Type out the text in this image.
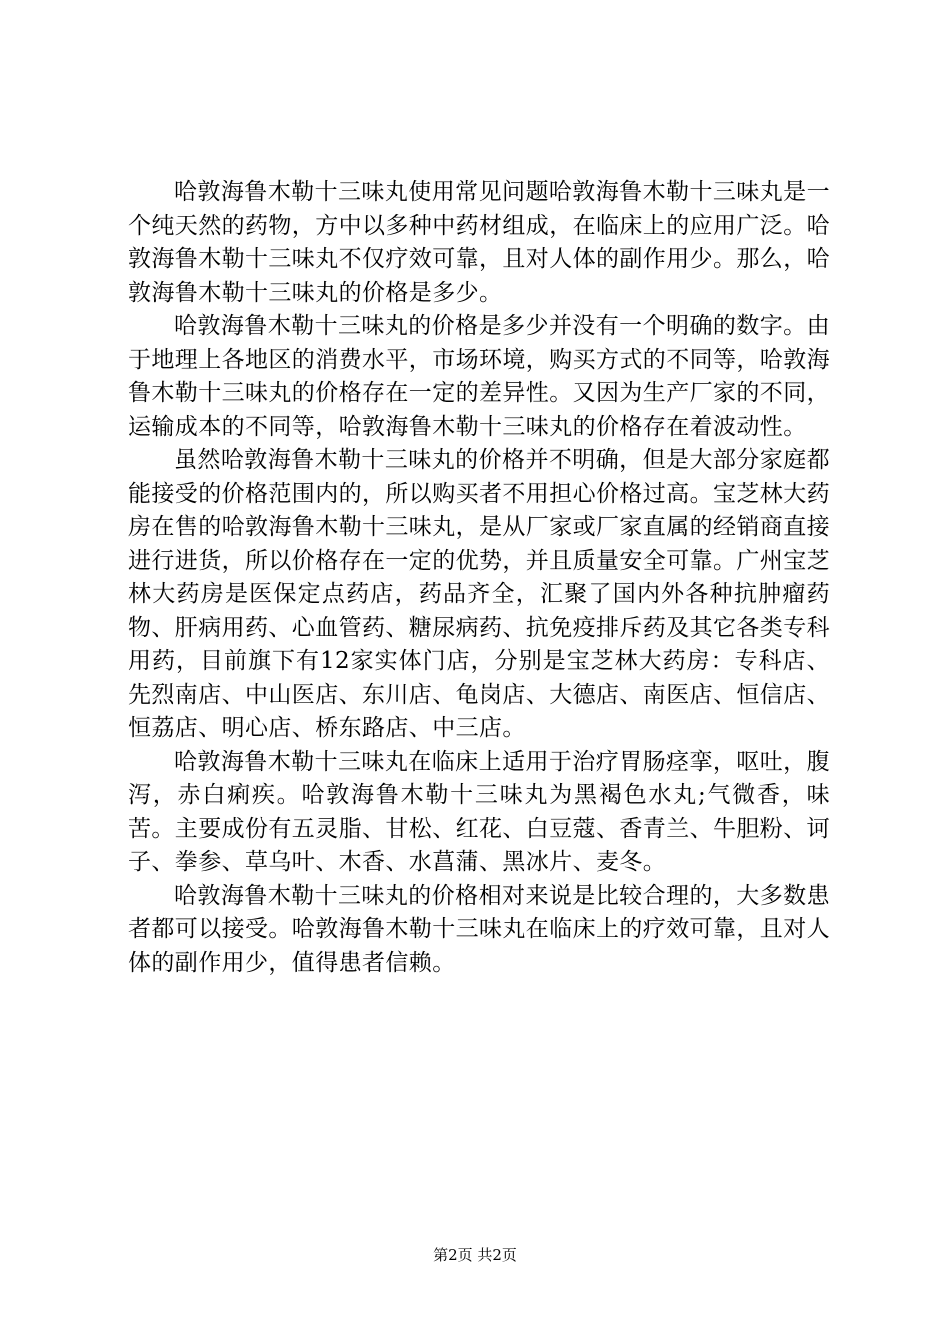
哈敦海鲁木勒十三味丸使用常见问题哈敦海鲁木勒十三味丸是一个纯天然的药物，方中以多种中药材组成，在临床上的应用广泛。哈敦海鲁木勒十三味丸不仅疗效可靠，且对人体的副作用少。那么，哈敦海鲁木勒十三味丸的价格是多少。

哈敦海鲁木勒十三味丸的价格是多少并没有一个明确的数字。由于地理上各地区的消费水平，市场环境，购买方式的不同等，哈敦海鲁木勒十三味丸的价格存在一定的差异性。又因为生产厂家的不同，运输成本的不同等，哈敦海鲁木勒十三味丸的价格存在着波动性。

虽然哈敦海鲁木勒十三味丸的价格并不明确，但是大部分家庭都能接受的价格范围内的，所以购买者不用担心价格过高。宝芝林大药房在售的哈敦海鲁木勒十三味丸，是从厂家或厂家直属的经销商直接进行进货，所以价格存在一定的优势，并且质量安全可靠。广州宝芝林大药房是医保定点药店，药品齐全，汇聚了国内外各种抗肿瘤药物、肝病用药、心血管药、糖尿病药、抗免疫排斥药及其它各类专科用药，目前旗下有12家实体门店，分别是宝芝林大药房：专科店、先烈南店、中山医店、东川店、龟岗店、大德店、南医店、恒信店、恒荔店、明心店、桥东路店、中三店。

哈敦海鲁木勒十三味丸在临床上适用于治疗胃肠痉挛，呕吐，腹泻，赤白痢疾。哈敦海鲁木勒十三味丸为黑褐色水丸;气微香，味苦。主要成份有五灵脂、甘松、红花、白豆蔻、香青兰、牛胆粉、诃子、拳参、草乌叶、木香、水菖蒲、黑冰片、麦冬。

哈敦海鲁木勒十三味丸的价格相对来说是比较合理的，大多数患者都可以接受。哈敦海鲁木勒十三味丸在临床上的疗效可靠，且对人体的副作用少，值得患者信赖。

第2页 共2页
